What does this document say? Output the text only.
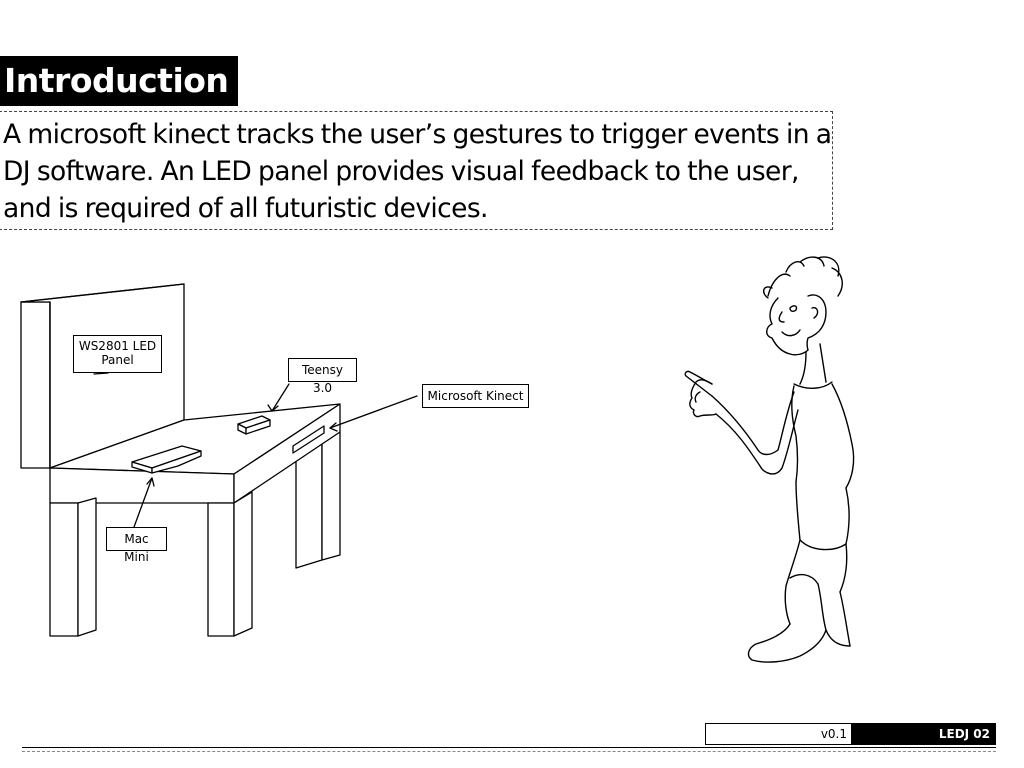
Introduction

A microsoft kinect tracks the user’s gestures to trigger events in a DJ software. An LED panel provides visual feedback to the user, and is required of all futuristic devices.

WS2801 LED
Panel
Teensy 3.0
Microsoft Kinect
Mac Mini
v0.1	LEDJ 02
